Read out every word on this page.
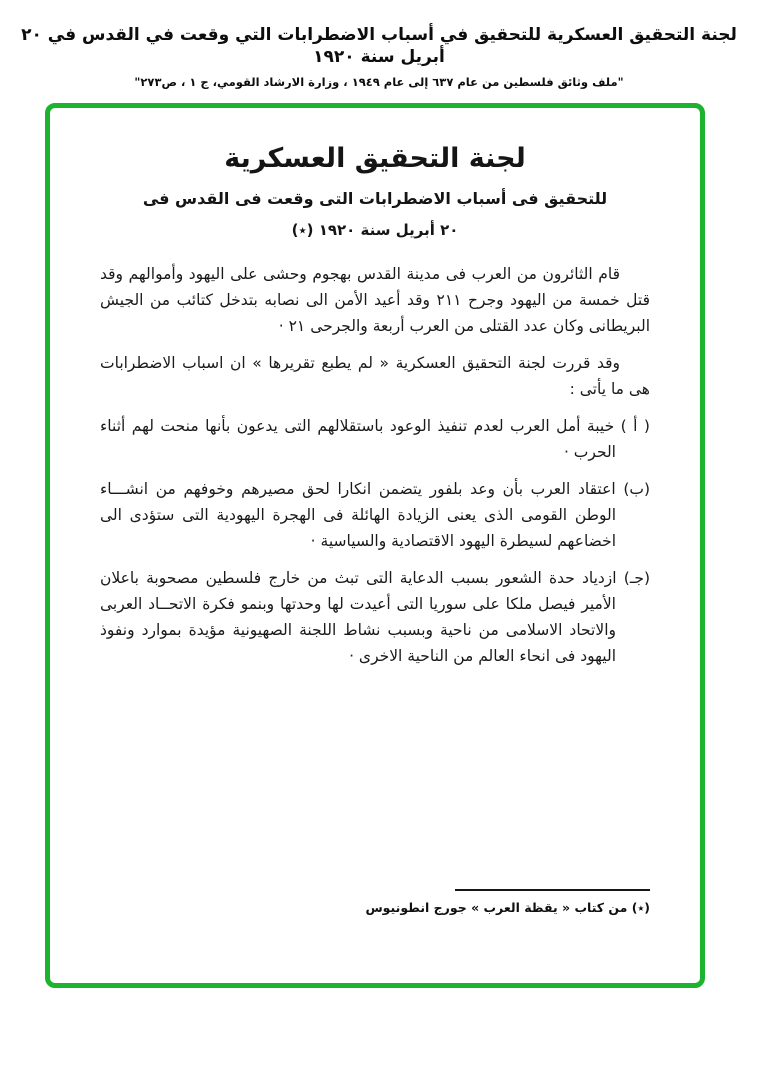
لجنة التحقيق العسكرية للتحقيق في أسباب الاضطرابات التي وقعت في القدس في ٢٠ أبريل سنة ١٩٢٠
"ملف وثائق فلسطين من عام ٦٣٧ إلى عام ١٩٤٩ ، وزارة الارشاد القومي، ج ١ ، ص٢٧٣"
لجنة التحقيق العسكرية
للتحقيق فى أسباب الاضطرابات التى وقعت فى القدس فى
٢٠ أبريل سنة ١٩٢٠ (٭)

قام الثائرون من العرب فى مدينة القدس بهجوم وحشى على اليهود وأموالهم وقد قتل خمسة من اليهود وجرح ٢١١ وقد أعيد الأمن الى نصابه بتدخل كتائب من الجيش البريطانى وكان عدد القتلى من العرب أربعة والجرحى ٢١ ·

وقد قررت لجنة التحقيق العسكرية « لم يطبع تقريرها » ان اسباب الاضطرابات هى ما يأتى :

( أ ) خيبة أمل العرب لعدم تنفيذ الوعود باستقلالهم التى يدعون بأنها منحت لهم أثناء الحرب ·

(ب) اعتقاد العرب بأن وعد بلفور يتضمن انكارا لحق مصيرهم وخوفهم من انشـــاء الوطن القومى الذى يعنى الزيادة الهائلة فى الهجرة اليهودية التى ستؤدى الى اخضاعهم لسيطرة اليهود الاقتصادية والسياسية ·

(جـ) ازدياد حدة الشعور بسبب الدعاية التى تبث من خارج فلسطين مصحوبة باعلان الأمير فيصل ملكا على سوريا التى أعيدت لها وحدتها وبنمو فكرة الاتحــاد العربى والاتحاد الاسلامى من ناحية وبسبب نشاط اللجنة الصهيونية مؤيدة بموارد ونفوذ اليهود فى انحاء العالم من الناحية الاخرى ·

(٭) من كتاب « يقظة العرب » جورج انطونيوس
